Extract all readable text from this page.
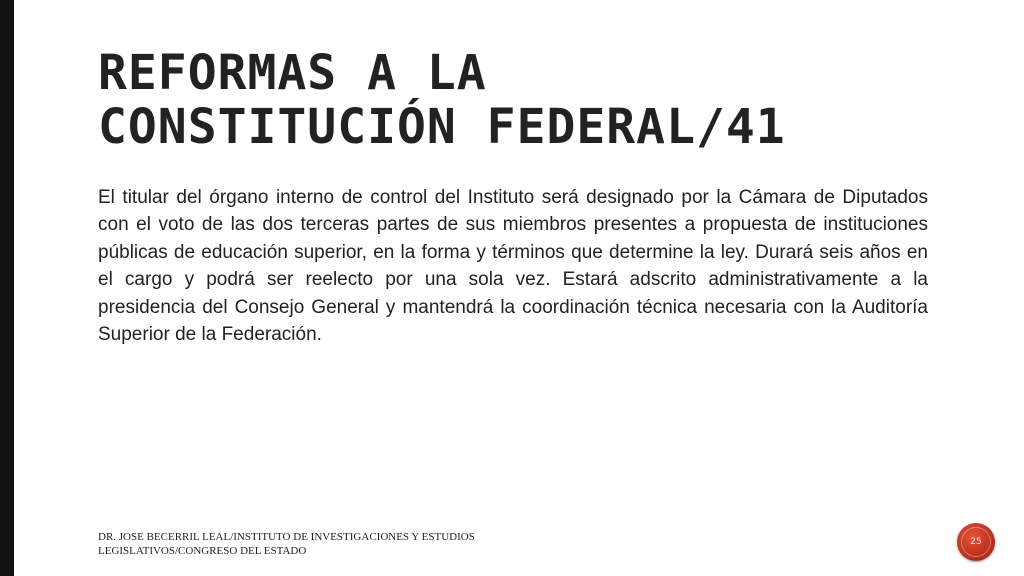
REFORMAS A LA CONSTITUCIÓN FEDERAL/41

El titular del órgano interno de control del Instituto será designado por la Cámara de Diputados con el voto de las dos terceras partes de sus miembros presentes a propuesta de instituciones públicas de educación superior, en la forma y términos que determine la ley. Durará seis años en el cargo y podrá ser reelecto por una sola vez. Estará adscrito administrativamente a la presidencia del Consejo General y mantendrá la coordinación técnica necesaria con la Auditoría Superior de la Federación.

DR. JOSE BECERRIL LEAL/INSTITUTO DE INVESTIGACIONES Y ESTUDIOS LEGISLATIVOS/CONGRESO DEL ESTADO

25
